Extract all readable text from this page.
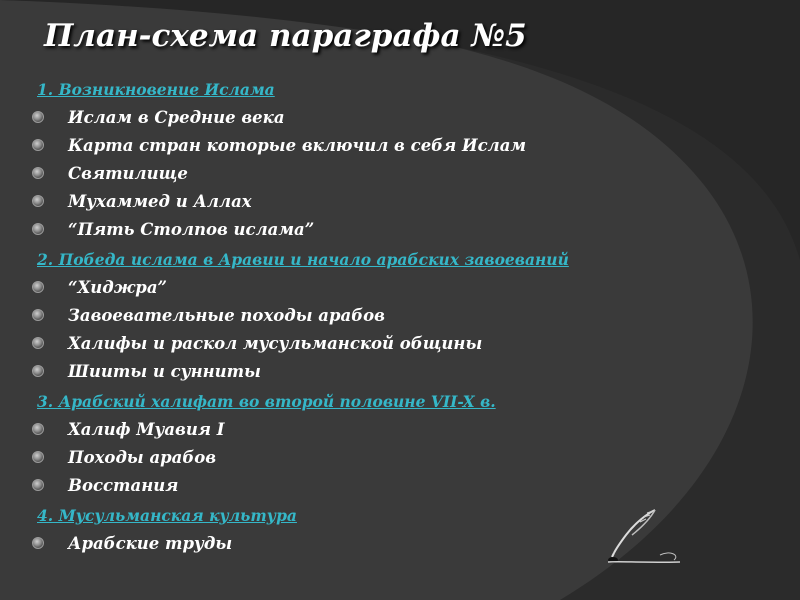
План-схема параграфа №5
1. Возникновение Ислама
Ислам в Средние века
Карта стран которые включил в себя Ислам
Святилище
Мухаммед и Аллах
“Пять Столпов ислама”
2. Победа ислама в Аравии и начало арабских завоеваний
“Хиджра”
Завоевательные походы арабов
Халифы и раскол мусульманской общины
Шииты и сунниты
3. Арабский халифат во второй половине VII-X в.
Халиф Муавия I
Походы арабов
Восстания
4. Мусульманская культура
Арабские труды
